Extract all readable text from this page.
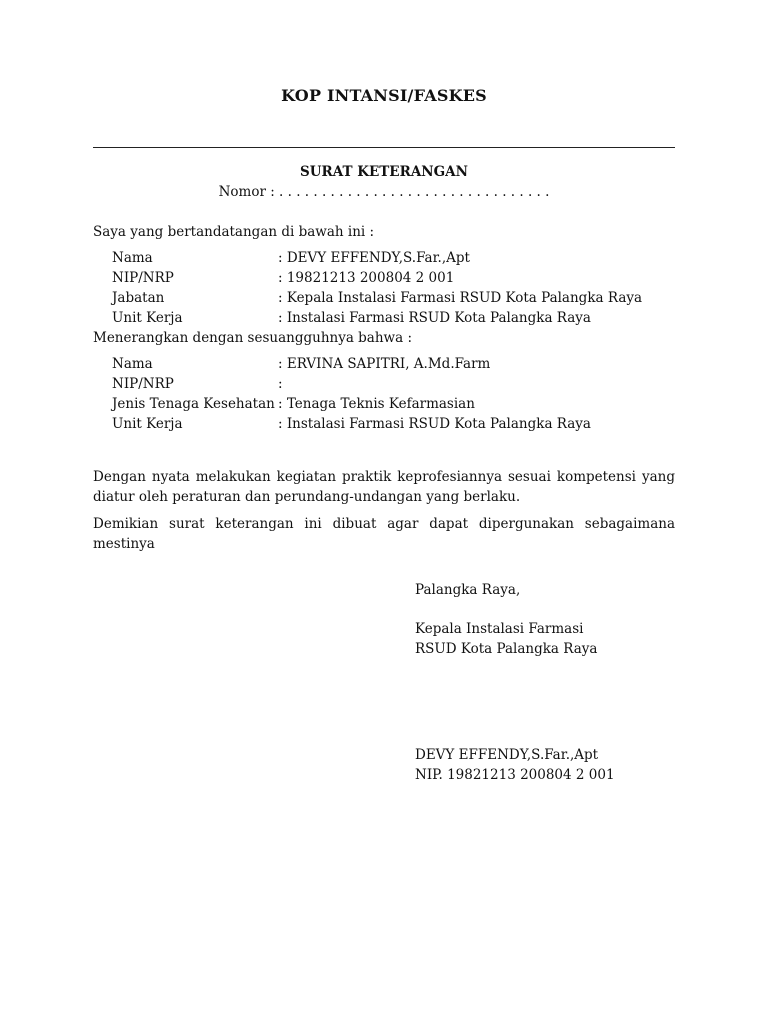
KOP INTANSI/FASKES
SURAT KETERANGAN
Nomor : . . . . . . . . . . . . . . . . . . . . . . . . . . . . . . . .
Saya yang bertandatangan di bawah ini :
Nama	: DEVY EFFENDY,S.Far.,Apt
NIP/NRP	: 19821213 200804 2 001
Jabatan	: Kepala Instalasi Farmasi RSUD Kota Palangka Raya
Unit Kerja	: Instalasi Farmasi RSUD Kota Palangka Raya
Menerangkan dengan sesuangguhnya bahwa :
Nama	: ERVINA SAPITRI, A.Md.Farm
NIP/NRP	:
Jenis Tenaga Kesehatan : Tenaga Teknis Kefarmasian
Unit Kerja	: Instalasi Farmasi RSUD Kota Palangka Raya
Dengan nyata melakukan kegiatan praktik keprofesiannya sesuai kompetensi yang diatur oleh peraturan dan perundang-undangan yang berlaku.
Demikian surat keterangan ini dibuat agar dapat dipergunakan sebagaimana mestinya
Palangka Raya,
Kepala Instalasi Farmasi
RSUD Kota Palangka Raya
DEVY EFFENDY,S.Far.,Apt
NIP. 19821213 200804 2 001
